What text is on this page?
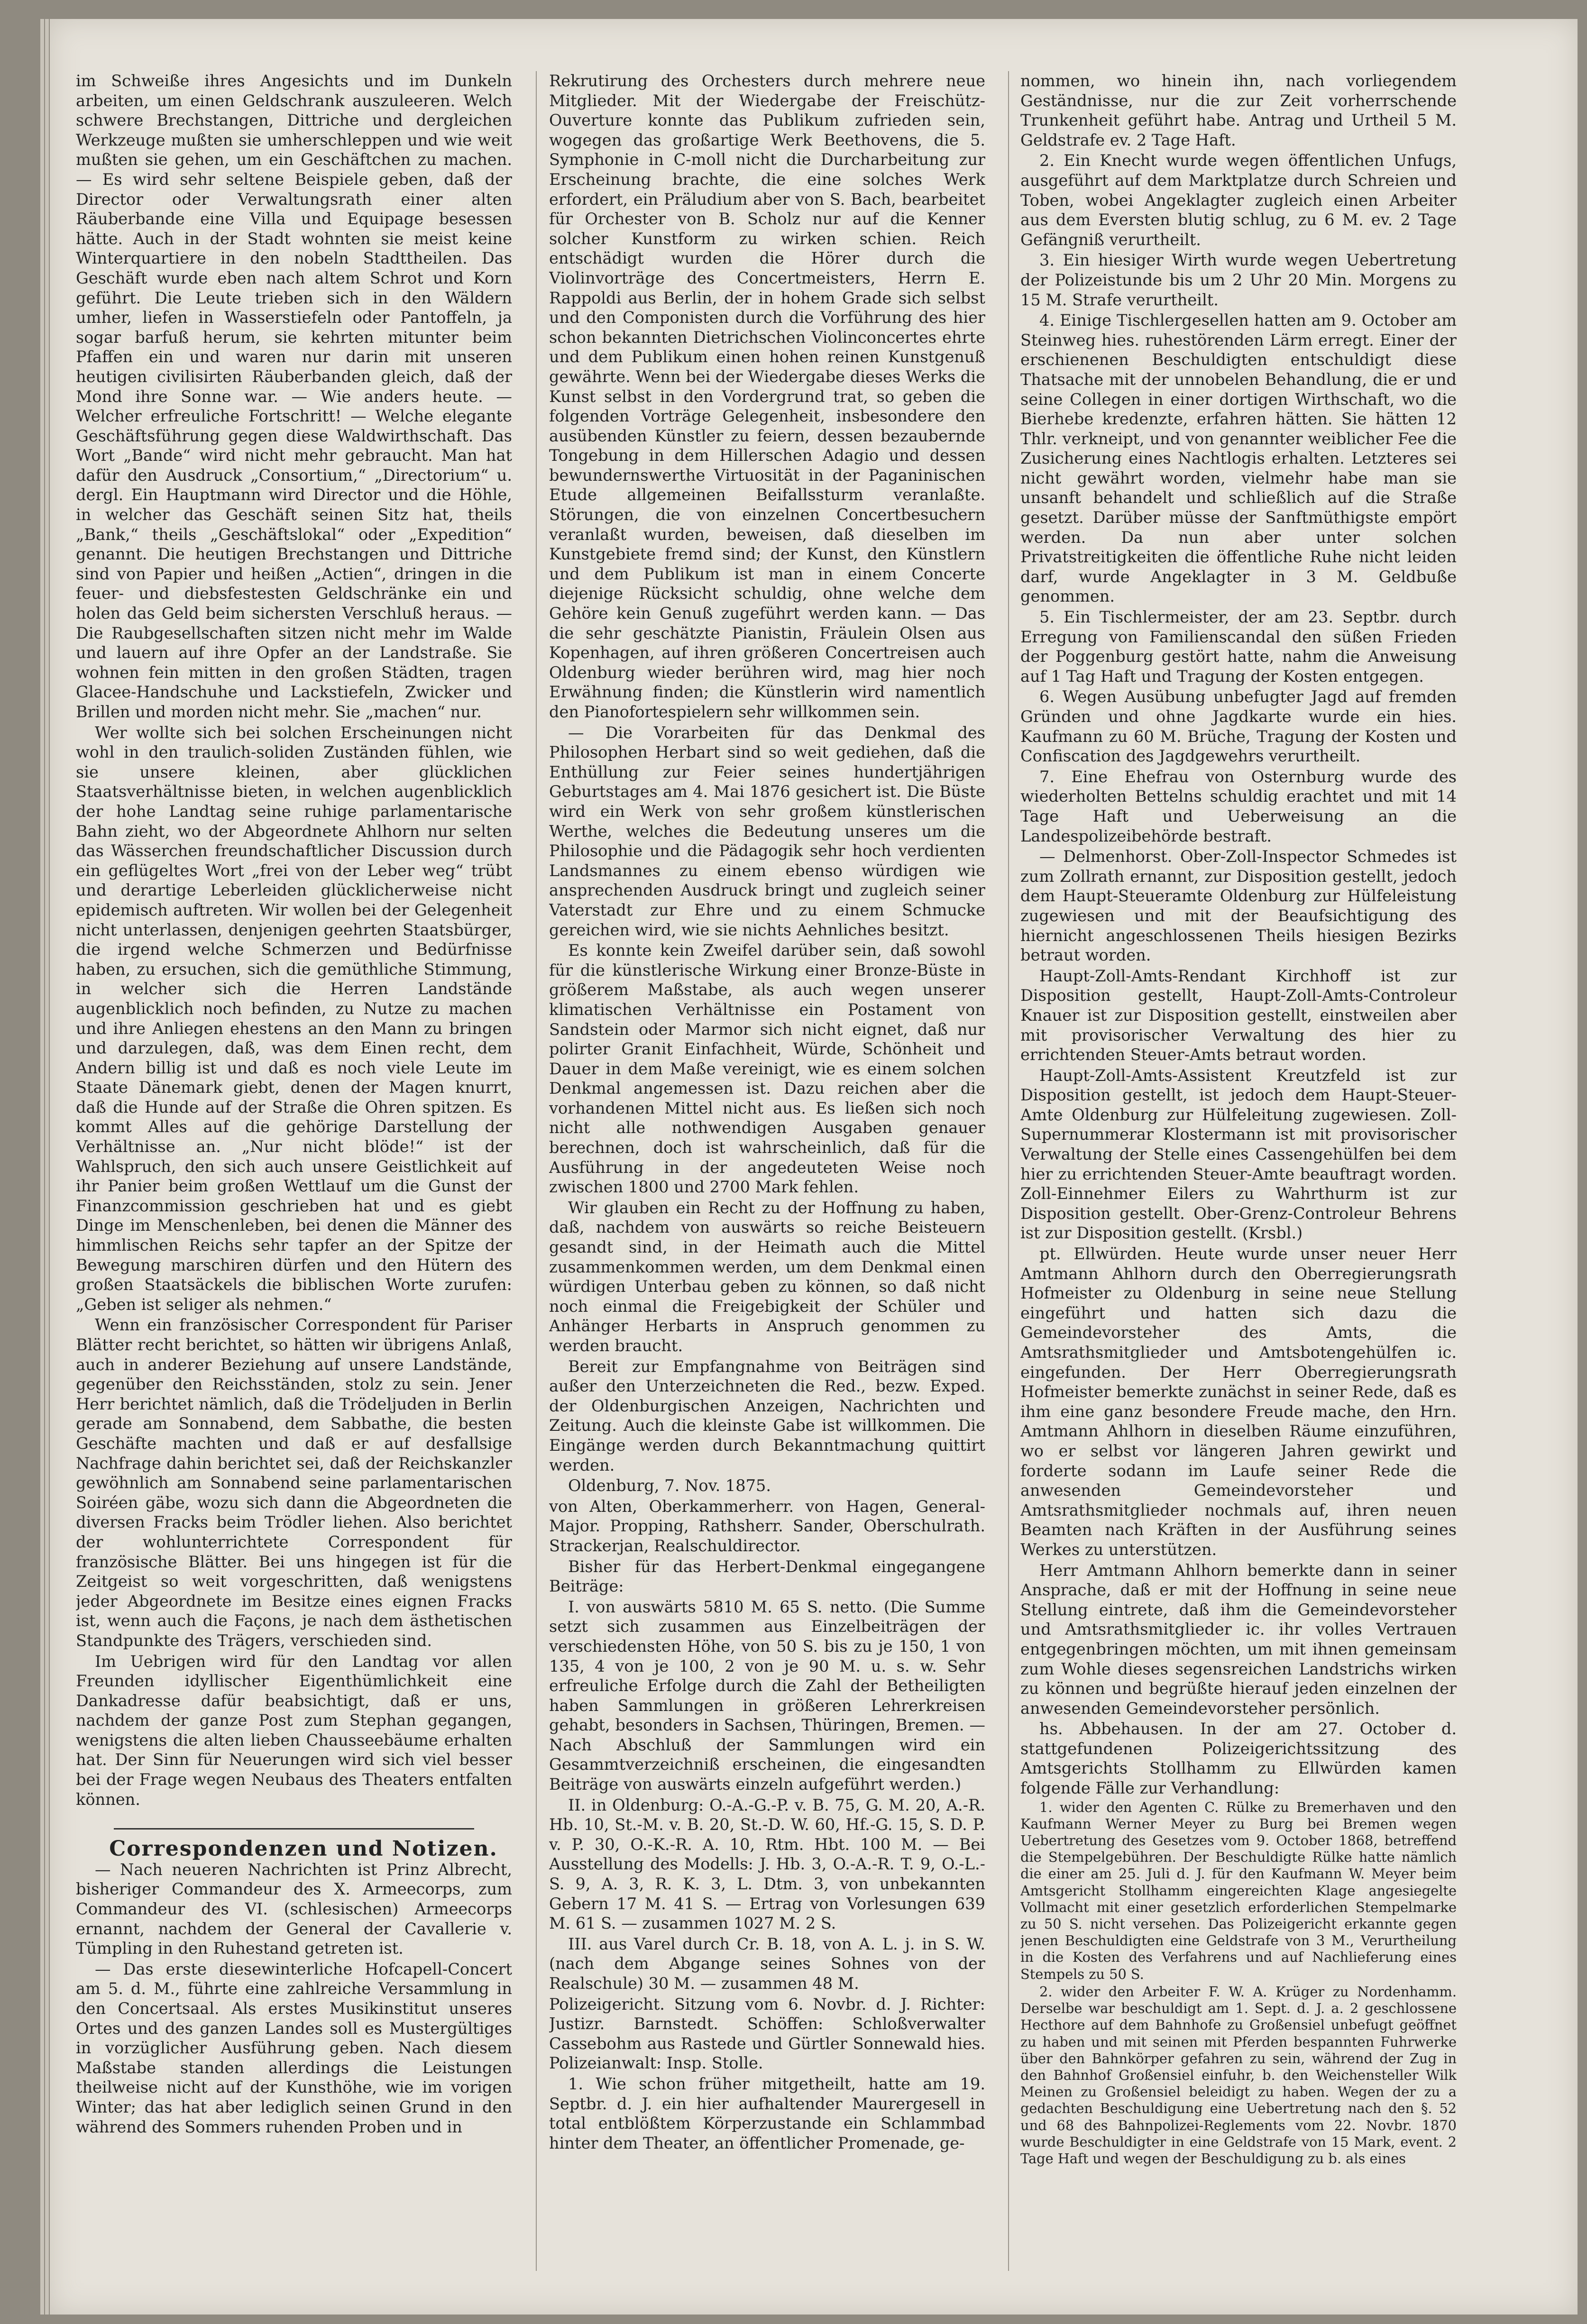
im Schweiße ihres Angesichts und im Dunkeln arbeiten, um einen Geldschrank auszuleeren. Welch schwere Brechstangen, Dittriche und dergleichen Werkzeuge mußten sie umherschleppen und wie weit mußten sie gehen, um ein Geschäftchen zu machen. — Es wird sehr seltene Beispiele geben, daß der Director oder Verwaltungsrath einer alten Räuberbande eine Villa und Equipage besessen hätte. Auch in der Stadt wohnten sie meist keine Winterquartiere in den nobeln Stadttheilen. Das Geschäft wurde eben nach altem Schrot und Korn geführt. Die Leute trieben sich in den Wäldern umher, liefen in Wasserstiefeln oder Pantoffeln, ja sogar barfuß herum, sie kehrten mitunter beim Pfaffen ein und waren nur darin mit unseren heutigen civilisirten Räuberbanden gleich, daß der Mond ihre Sonne war. — Wie anders heute. — Welcher erfreuliche Fortschritt! — Welche elegante Geschäftsführung gegen diese Waldwirthschaft. Das Wort „Bande“ wird nicht mehr gebraucht. Man hat dafür den Ausdruck „Consortium,“ „Directorium“ u. dergl. Ein Hauptmann wird Director und die Höhle, in welcher das Geschäft seinen Sitz hat, theils „Bank,“ theils „Geschäftslokal“ oder „Expedition“ genannt. Die heutigen Brechstangen und Dittriche sind von Papier und heißen „Actien“, dringen in die feuer- und diebsfestesten Geldschränke ein und holen das Geld beim sichersten Verschluß heraus. — Die Raubgesellschaften sitzen nicht mehr im Walde und lauern auf ihre Opfer an der Landstraße. Sie wohnen fein mitten in den großen Städten, tragen Glacee-Handschuhe und Lackstiefeln, Zwicker und Brillen und morden nicht mehr. Sie „machen“ nur.

Wer wollte sich bei solchen Erscheinungen nicht wohl in den traulich-soliden Zuständen fühlen, wie sie unsere kleinen, aber glücklichen Staatsverhältnisse bieten, in welchen augenblicklich der hohe Landtag seine ruhige parlamentarische Bahn zieht, wo der Abgeordnete Ahlhorn nur selten das Wässerchen freundschaftlicher Discussion durch ein geflügeltes Wort „frei von der Leber weg“ trübt und derartige Leberleiden glücklicherweise nicht epidemisch auftreten. Wir wollen bei der Gelegenheit nicht unterlassen, denjenigen geehrten Staatsbürger, die irgend welche Schmerzen und Bedürfnisse haben, zu ersuchen, sich die gemüthliche Stimmung, in welcher sich die Herren Landstände augenblicklich noch befinden, zu Nutze zu machen und ihre Anliegen ehestens an den Mann zu bringen und darzulegen, daß, was dem Einen recht, dem Andern billig ist und daß es noch viele Leute im Staate Dänemark giebt, denen der Magen knurrt, daß die Hunde auf der Straße die Ohren spitzen. Es kommt Alles auf die gehörige Darstellung der Verhältnisse an. „Nur nicht blöde!“ ist der Wahlspruch, den sich auch unsere Geistlichkeit auf ihr Panier beim großen Wettlauf um die Gunst der Finanzcommission geschrieben hat und es giebt Dinge im Menschenleben, bei denen die Männer des himmlischen Reichs sehr tapfer an der Spitze der Bewegung marschiren dürfen und den Hütern des großen Staatsäckels die biblischen Worte zurufen: „Geben ist seliger als nehmen.“

Wenn ein französischer Correspondent für Pariser Blätter recht berichtet, so hätten wir übrigens Anlaß, auch in anderer Beziehung auf unsere Landstände, gegenüber den Reichsständen, stolz zu sein. Jener Herr berichtet nämlich, daß die Trödeljuden in Berlin gerade am Sonnabend, dem Sabbathe, die besten Geschäfte machten und daß er auf desfallsige Nachfrage dahin berichtet sei, daß der Reichskanzler gewöhnlich am Sonnabend seine parlamentarischen Soiréen gäbe, wozu sich dann die Abgeordneten die diversen Fracks beim Trödler liehen. Also berichtet der wohlunterrichtete Correspondent für französische Blätter. Bei uns hingegen ist für die Zeitgeist so weit vorgeschritten, daß wenigstens jeder Abgeordnete im Besitze eines eignen Fracks ist, wenn auch die Façons, je nach dem ästhetischen Standpunkte des Trägers, verschieden sind.

Im Uebrigen wird für den Landtag vor allen Freunden idyllischer Eigenthümlichkeit eine Dankadresse dafür beabsichtigt, daß er uns, nachdem der ganze Post zum Stephan gegangen, wenigstens die alten lieben Chausseebäume erhalten hat. Der Sinn für Neuerungen wird sich viel besser bei der Frage wegen Neubaus des Theaters entfalten können.

Correspondenzen und Notizen.

— Nach neueren Nachrichten ist Prinz Albrecht, bisheriger Commandeur des X. Armeecorps, zum Commandeur des VI. (schlesischen) Armeecorps ernannt, nachdem der General der Cavallerie v. Tümpling in den Ruhestand getreten ist.

— Das erste diesewinterliche Hofcapell-Concert am 5. d. M., führte eine zahlreiche Versammlung in den Concertsaal. Als erstes Musikinstitut unseres Ortes und des ganzen Landes soll es Mustergültiges in vorzüglicher Ausführung geben. Nach diesem Maßstabe standen allerdings die Leistungen theilweise nicht auf der Kunsthöhe, wie im vorigen Winter; das hat aber lediglich seinen Grund in den während des Sommers ruhenden Proben und in

Rekrutirung des Orchesters durch mehrere neue Mitglieder. Mit der Wiedergabe der Freischütz-Ouverture konnte das Publikum zufrieden sein, wogegen das großartige Werk Beethovens, die 5. Symphonie in C-moll nicht die Durcharbeitung zur Erscheinung brachte, die eine solches Werk erfordert, ein Präludium aber von S. Bach, bearbeitet für Orchester von B. Scholz nur auf die Kenner solcher Kunstform zu wirken schien. Reich entschädigt wurden die Hörer durch die Violinvorträge des Concertmeisters, Herrn E. Rappoldi aus Berlin, der in hohem Grade sich selbst und den Componisten durch die Vorführung des hier schon bekannten Dietrichschen Violinconcertes ehrte und dem Publikum einen hohen reinen Kunstgenuß gewährte. Wenn bei der Wiedergabe dieses Werks die Kunst selbst in den Vordergrund trat, so geben die folgenden Vorträge Gelegenheit, insbesondere den ausübenden Künstler zu feiern, dessen bezaubernde Tongebung in dem Hillerschen Adagio und dessen bewundernswerthe Virtuosität in der Paganinischen Etude allgemeinen Beifallssturm veranlaßte. Störungen, die von einzelnen Concertbesuchern veranlaßt wurden, beweisen, daß dieselben im Kunstgebiete fremd sind; der Kunst, den Künstlern und dem Publikum ist man in einem Concerte diejenige Rücksicht schuldig, ohne welche dem Gehöre kein Genuß zugeführt werden kann. — Das die sehr geschätzte Pianistin, Fräulein Olsen aus Kopenhagen, auf ihren größeren Concertreisen auch Oldenburg wieder berühren wird, mag hier noch Erwähnung finden; die Künstlerin wird namentlich den Pianofortespielern sehr willkommen sein.

— Die Vorarbeiten für das Denkmal des Philosophen Herbart sind so weit gediehen, daß die Enthüllung zur Feier seines hundertjährigen Geburtstages am 4. Mai 1876 gesichert ist. Die Büste wird ein Werk von sehr großem künstlerischen Werthe, welches die Bedeutung unseres um die Philosophie und die Pädagogik sehr hoch verdienten Landsmannes zu einem ebenso würdigen wie ansprechenden Ausdruck bringt und zugleich seiner Vaterstadt zur Ehre und zu einem Schmucke gereichen wird, wie sie nichts Aehnliches besitzt.

Es konnte kein Zweifel darüber sein, daß sowohl für die künstlerische Wirkung einer Bronze-Büste in größerem Maßstabe, als auch wegen unserer klimatischen Verhältnisse ein Postament von Sandstein oder Marmor sich nicht eignet, daß nur polirter Granit Einfachheit, Würde, Schönheit und Dauer in dem Maße vereinigt, wie es einem solchen Denkmal angemessen ist. Dazu reichen aber die vorhandenen Mittel nicht aus. Es ließen sich noch nicht alle nothwendigen Ausgaben genauer berechnen, doch ist wahrscheinlich, daß für die Ausführung in der angedeuteten Weise noch zwischen 1800 und 2700 Mark fehlen.

Wir glauben ein Recht zu der Hoffnung zu haben, daß, nachdem von auswärts so reiche Beisteuern gesandt sind, in der Heimath auch die Mittel zusammenkommen werden, um dem Denkmal einen würdigen Unterbau geben zu können, so daß nicht noch einmal die Freigebigkeit der Schüler und Anhänger Herbarts in Anspruch genommen zu werden braucht.

Bereit zur Empfangnahme von Beiträgen sind außer den Unterzeichneten die Red., bezw. Exped. der Oldenburgischen Anzeigen, Nachrichten und Zeitung. Auch die kleinste Gabe ist willkommen. Die Eingänge werden durch Bekanntmachung quittirt werden.

Oldenburg, 7. Nov. 1875.

von Alten, Oberkammerherr. von Hagen, General-Major. Propping, Rathsherr. Sander, Oberschulrath. Strackerjan, Realschuldirector.

Bisher für das Herbert-Denkmal eingegangene Beiträge:

I. von auswärts 5810 M. 65 S. netto. (Die Summe setzt sich zusammen aus Einzelbeiträgen der verschiedensten Höhe, von 50 S. bis zu je 150, 1 von 135, 4 von je 100, 2 von je 90 M. u. s. w. Sehr erfreuliche Erfolge durch die Zahl der Betheiligten haben Sammlungen in größeren Lehrerkreisen gehabt, besonders in Sachsen, Thüringen, Bremen. — Nach Abschluß der Sammlungen wird ein Gesammtverzeichniß erscheinen, die eingesandten Beiträge von auswärts einzeln aufgeführt werden.)

II. in Oldenburg: O.-A.-G.-P. v. B. 75, G. M. 20, A.-R. Hb. 10, St.-M. v. B. 20, St.-D. W. 60, Hf.-G. 15, S. D. P. v. P. 30, O.-K.-R. A. 10, Rtm. Hbt. 100 M. — Bei Ausstellung des Modells: J. Hb. 3, O.-A.-R. T. 9, O.-L.-S. 9, A. 3, R. K. 3, L. Dtm. 3, von unbekannten Gebern 17 M. 41 S. — Ertrag von Vorlesungen 639 M. 61 S. — zusammen 1027 M. 2 S.

III. aus Varel durch Cr. B. 18, von A. L. j. in S. W. (nach dem Abgange seines Sohnes von der Realschule) 30 M. — zusammen 48 M.

Polizeigericht. Sitzung vom 6. Novbr. d. J. Richter: Justizr. Barnstedt. Schöffen: Schloßverwalter Cassebohm aus Rastede und Gürtler Sonnewald hies. Polizeianwalt: Insp. Stolle.

1. Wie schon früher mitgetheilt, hatte am 19. Septbr. d. J. ein hier aufhaltender Maurergesell in total entblößtem Körperzustande ein Schlammbad hinter dem Theater, an öffentlicher Promenade, ge-

nommen, wo hinein ihn, nach vorliegendem Geständnisse, nur die zur Zeit vorherrschende Trunkenheit geführt habe. Antrag und Urtheil 5 M. Geldstrafe ev. 2 Tage Haft.

2. Ein Knecht wurde wegen öffentlichen Unfugs, ausgeführt auf dem Marktplatze durch Schreien und Toben, wobei Angeklagter zugleich einen Arbeiter aus dem Eversten blutig schlug, zu 6 M. ev. 2 Tage Gefängniß verurtheilt.

3. Ein hiesiger Wirth wurde wegen Uebertretung der Polizeistunde bis um 2 Uhr 20 Min. Morgens zu 15 M. Strafe verurtheilt.

4. Einige Tischlergesellen hatten am 9. October am Steinweg hies. ruhestörenden Lärm erregt. Einer der erschienenen Beschuldigten entschuldigt diese Thatsache mit der unnobelen Behandlung, die er und seine Collegen in einer dortigen Wirthschaft, wo die Bierhebe kredenzte, erfahren hätten. Sie hätten 12 Thlr. verkneipt, und von genannter weiblicher Fee die Zusicherung eines Nachtlogis erhalten. Letzteres sei nicht gewährt worden, vielmehr habe man sie unsanft behandelt und schließlich auf die Straße gesetzt. Darüber müsse der Sanftmüthigste empört werden. Da nun aber unter solchen Privatstreitigkeiten die öffentliche Ruhe nicht leiden darf, wurde Angeklagter in 3 M. Geldbuße genommen.

5. Ein Tischlermeister, der am 23. Septbr. durch Erregung von Familienscandal den süßen Frieden der Poggenburg gestört hatte, nahm die Anweisung auf 1 Tag Haft und Tragung der Kosten entgegen.

6. Wegen Ausübung unbefugter Jagd auf fremden Gründen und ohne Jagdkarte wurde ein hies. Kaufmann zu 60 M. Brüche, Tragung der Kosten und Confiscation des Jagdgewehrs verurtheilt.

7. Eine Ehefrau von Osternburg wurde des wiederholten Bettelns schuldig erachtet und mit 14 Tage Haft und Ueberweisung an die Landespolizeibehörde bestraft.

— Delmenhorst. Ober-Zoll-Inspector Schmedes ist zum Zollrath ernannt, zur Disposition gestellt, jedoch dem Haupt-Steueramte Oldenburg zur Hülfeleistung zugewiesen und mit der Beaufsichtigung des hiernicht angeschlossenen Theils hiesigen Bezirks betraut worden.

Haupt-Zoll-Amts-Rendant Kirchhoff ist zur Disposition gestellt, Haupt-Zoll-Amts-Controleur Knauer ist zur Disposition gestellt, einstweilen aber mit provisorischer Verwaltung des hier zu errichtenden Steuer-Amts betraut worden.

Haupt-Zoll-Amts-Assistent Kreutzfeld ist zur Disposition gestellt, ist jedoch dem Haupt-Steuer-Amte Oldenburg zur Hülfeleitung zugewiesen. Zoll-Supernummerar Klostermann ist mit provisorischer Verwaltung der Stelle eines Cassengehülfen bei dem hier zu errichtenden Steuer-Amte beauftragt worden. Zoll-Einnehmer Eilers zu Wahrthurm ist zur Disposition gestellt. Ober-Grenz-Controleur Behrens ist zur Disposition gestellt. (Krsbl.)

pt. Ellwürden. Heute wurde unser neuer Herr Amtmann Ahlhorn durch den Oberregierungsrath Hofmeister zu Oldenburg in seine neue Stellung eingeführt und hatten sich dazu die Gemeindevorsteher des Amts, die Amtsrathsmitglieder und Amtsbotengehülfen ic. eingefunden. Der Herr Oberregierungsrath Hofmeister bemerkte zunächst in seiner Rede, daß es ihm eine ganz besondere Freude mache, den Hrn. Amtmann Ahlhorn in dieselben Räume einzuführen, wo er selbst vor längeren Jahren gewirkt und forderte sodann im Laufe seiner Rede die anwesenden Gemeindevorsteher und Amtsrathsmitglieder nochmals auf, ihren neuen Beamten nach Kräften in der Ausführung seines Werkes zu unterstützen.

Herr Amtmann Ahlhorn bemerkte dann in seiner Ansprache, daß er mit der Hoffnung in seine neue Stellung eintrete, daß ihm die Gemeindevorsteher und Amtsrathsmitglieder ic. ihr volles Vertrauen entgegenbringen möchten, um mit ihnen gemeinsam zum Wohle dieses segensreichen Landstrichs wirken zu können und begrüßte hierauf jeden einzelnen der anwesenden Gemeindevorsteher persönlich.

hs. Abbehausen. In der am 27. October d. stattgefundenen Polizeigerichtssitzung des Amtsgerichts Stollhamm zu Ellwürden kamen folgende Fälle zur Verhandlung:

1. wider den Agenten C. Rülke zu Bremerhaven und den Kaufmann Werner Meyer zu Burg bei Bremen wegen Uebertretung des Gesetzes vom 9. October 1868, betreffend die Stempelgebühren. Der Beschuldigte Rülke hatte nämlich die einer am 25. Juli d. J. für den Kaufmann W. Meyer beim Amtsgericht Stollhamm eingereichten Klage angesiegelte Vollmacht mit einer gesetzlich erforderlichen Stempelmarke zu 50 S. nicht versehen. Das Polizeigericht erkannte gegen jenen Beschuldigten eine Geldstrafe von 3 M., Verurtheilung in die Kosten des Verfahrens und auf Nachlieferung eines Stempels zu 50 S.

2. wider den Arbeiter F. W. A. Krüger zu Nordenhamm. Derselbe war beschuldigt am 1. Sept. d. J. a. 2 geschlossene Hecthore auf dem Bahnhofe zu Großensiel unbefugt geöffnet zu haben und mit seinen mit Pferden bespannten Fuhrwerke über den Bahnkörper gefahren zu sein, während der Zug in den Bahnhof Großensiel einfuhr, b. den Weichensteller Wilk Meinen zu Großensiel beleidigt zu haben. Wegen der zu a gedachten Beschuldigung eine Uebertretung nach den §. 52 und 68 des Bahnpolizei-Reglements vom 22. Novbr. 1870 wurde Beschuldigter in eine Geldstrafe von 15 Mark, event. 2 Tage Haft und wegen der Beschuldigung zu b. als eines
